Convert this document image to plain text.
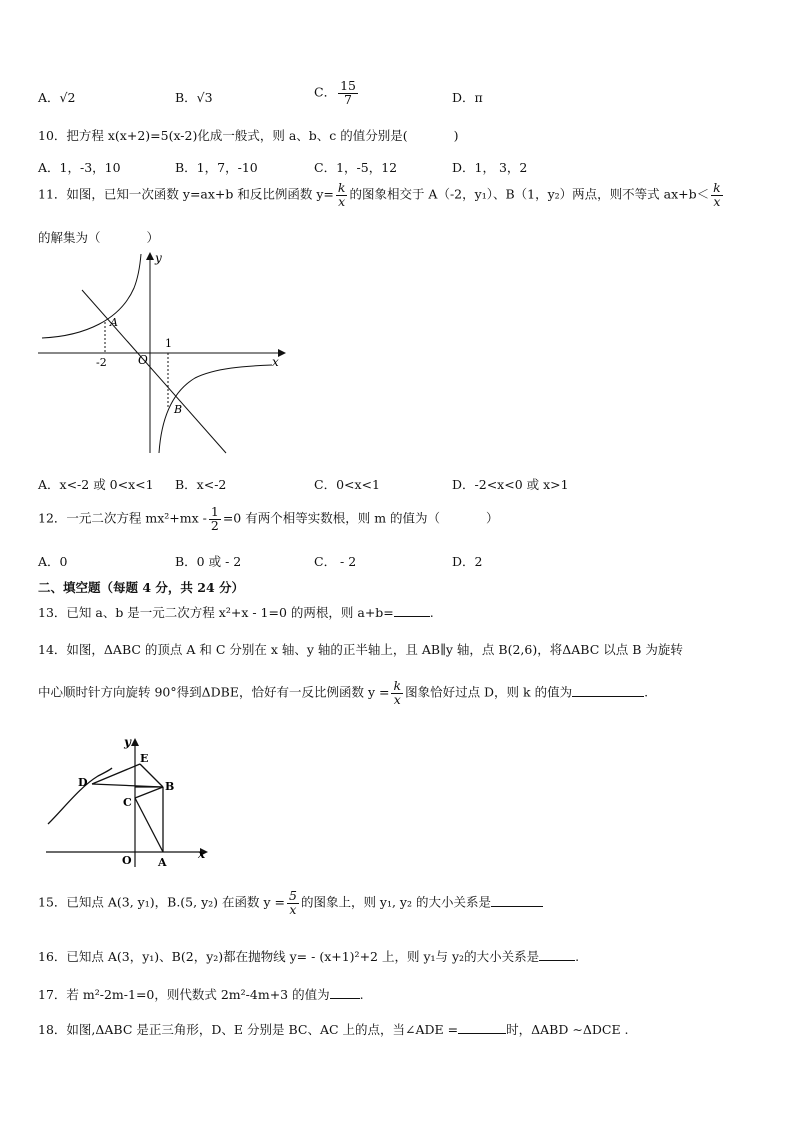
A．√2	B．√3	C． $\frac{15}{7}$	D．π
10．把方程 x(x+2)=5(x-2)化成一般式，则 a、b、c 的值分别是(	)
A．1，-3，10	B．1，7，-10	C．1，-5，12	D．1， 3，2
11．如图，已知一次函数 y=ax+b 和反比例函数 $y= \frac{k}{x}$ 的图象相交于 A（-2，y₁）、B（1，y₂）两点，则不等式 $ax+b< \frac{k}{x}$
的解集为（	）
y
x
O
-2
1
A
B
A．x<-2 或 0<x<1 B．x<-2	C．0<x<1	D．-2<x<0 或 x>1
12．一元二次方程 $mx^2+mx - \frac{1}{2} =0$ 有两个相等实数根，则 m 的值为（	）
A．0	B．0 或 - 2	C． - 2	D．2
二、填空题（每题 4 分，共 24 分）
13．已知 a、b 是一元二次方程 x²+x - 1=0 的两根，则 a+b=	.
14．如图，ΔABC 的顶点 A 和 C 分别在 x 轴、y 轴的正半轴上，且 AB∥y 轴，点 B(2,6)，将ΔABC 以点 B 为旋转
中心顺时针方向旋转 90°得到ΔDBE，恰好有一反比例函数 $y = \frac{k}{x}$ 图象恰好过点 D，则 k 的值为	.
y
x
O A
B
C
D
E
15．已知点 A(3, y₁)，B.(5, y₂) 在函数 $y = \frac{5}{x}$ 的图象上，则 y₁, y₂ 的大小关系是
16．已知点 A(3，y₁)、B(2，y₂)都在抛物线 y= - (x+1)²+2 上，则 y₁与 y₂的大小关系是	.
17．若 m²-2m-1=0，则代数式 2m²-4m+3 的值为 .
18．如图,ΔABC 是正三角形，D、E 分别是 BC、AC 上的点，当∠ADE =	时，ΔABD ∼ΔDCE .
